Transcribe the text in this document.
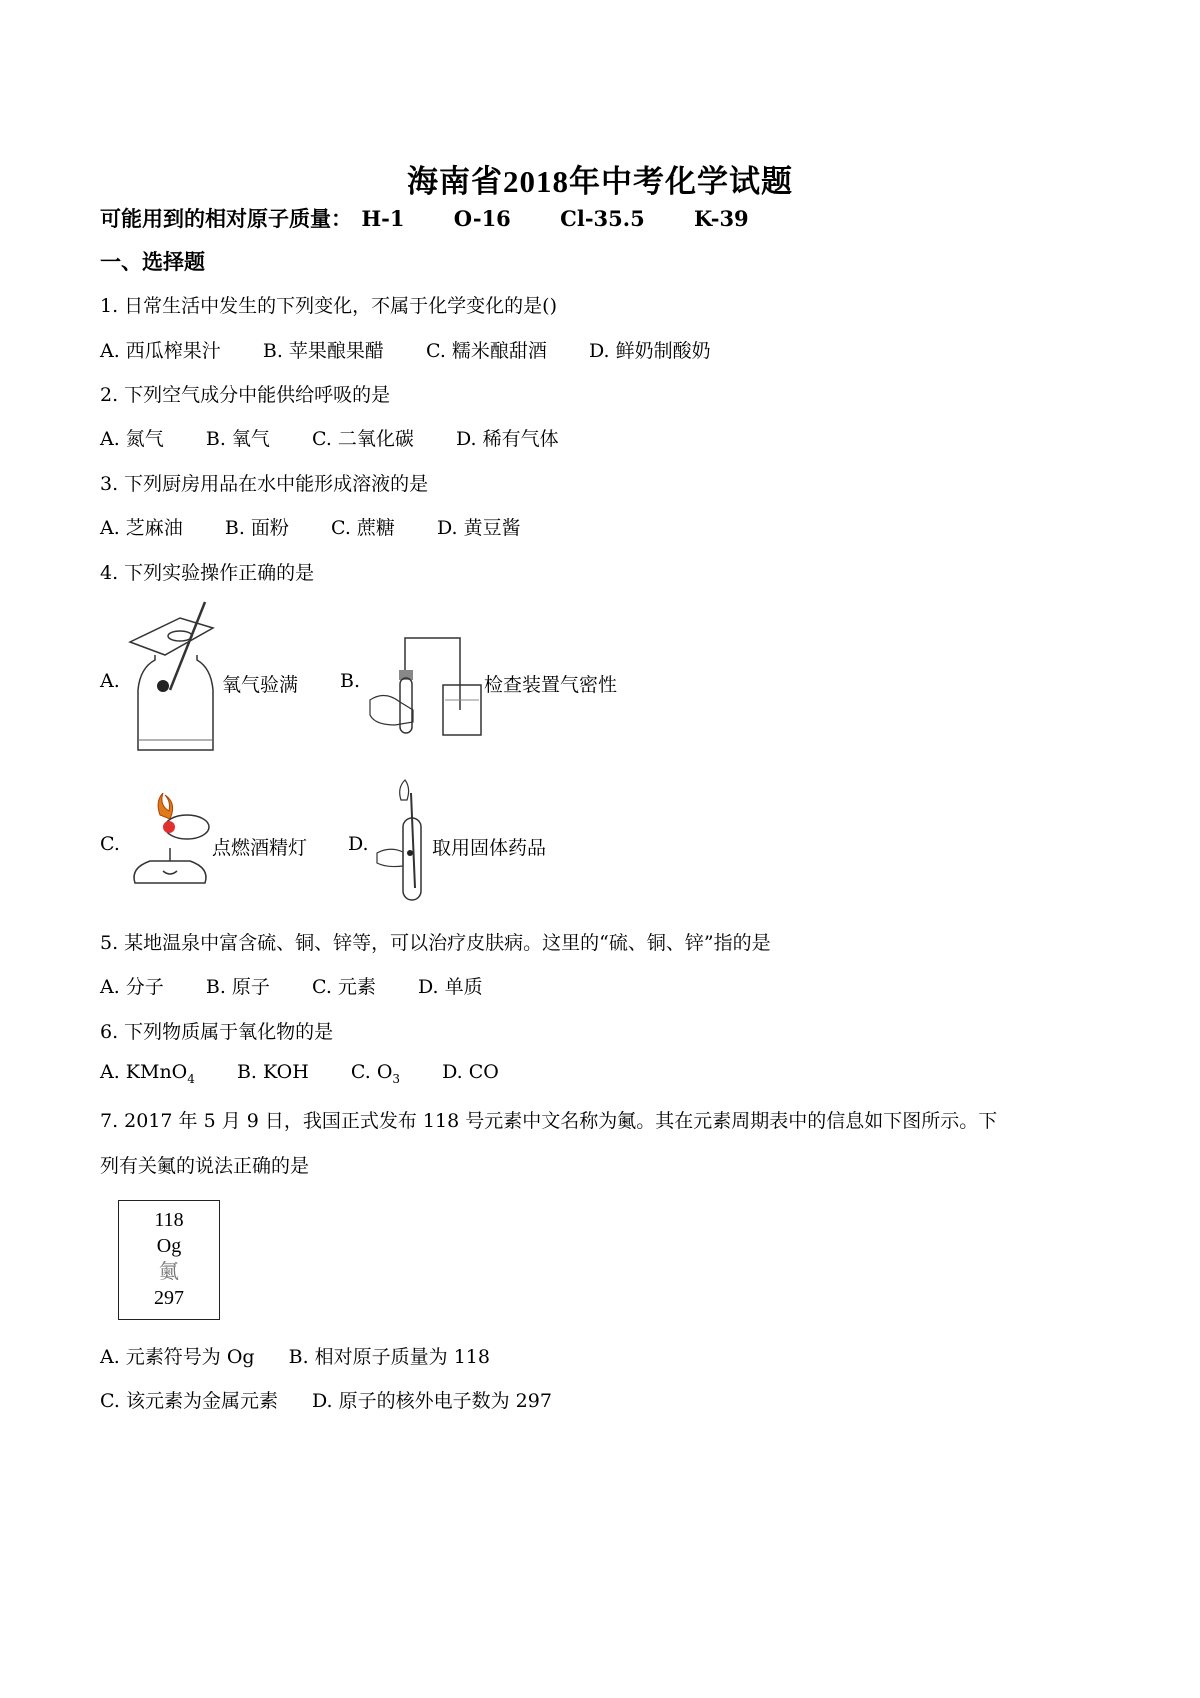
海南省2018年中考化学试题
可能用到的相对原子质量： H-1 O-16 Cl-35.5 K-39
一、选择题
1. 日常生活中发生的下列变化，不属于化学变化的是()
A. 西瓜榨果汁 B. 苹果酿果醋 C. 糯米酿甜酒 D. 鲜奶制酸奶
2. 下列空气成分中能供给呼吸的是
A. 氮气 B. 氧气 C. 二氧化碳 D. 稀有气体
3. 下列厨房用品在水中能形成溶液的是
A. 芝麻油 B. 面粉 C. 蔗糖 D. 黄豆酱
4. 下列实验操作正确的是
A.	氧气验满 B.	检查装置气密性
C.	点燃酒精灯 D.	取用固体药品
5. 某地温泉中富含硫、铜、锌等，可以治疗皮肤病。这里的“硫、铜、锌”指的是
A. 分子 B. 原子 C. 元素 D. 单质
6. 下列物质属于氧化物的是
A. KMnO$_4$ B. KOH C. $O_3$ D. CO
7. 2017 年 5 月 9 日，我国正式发布 118 号元素中文名称为鿫。其在元素周期表中的信息如下图所示。下
列有关鿫的说法正确的是
118
Og
鿫
297
A. 元素符号为 Og B. 相对原子质量为 118
C. 该元素为金属元素 D. 原子的核外电子数为 297
